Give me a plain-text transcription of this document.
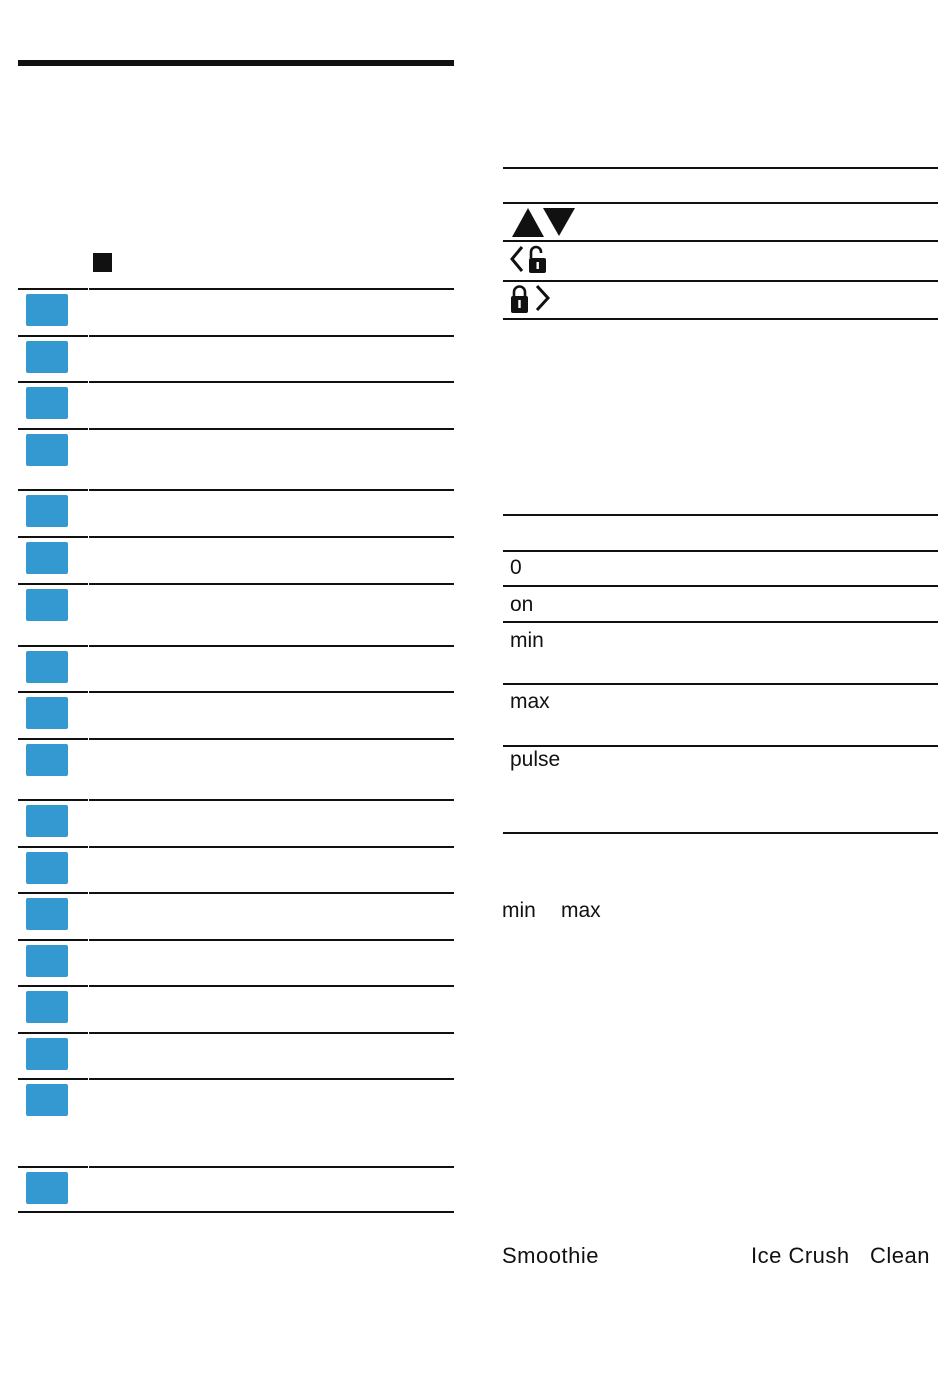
0
on
min
max
pulse
min max
Smoothie	Ice Crush Clean
